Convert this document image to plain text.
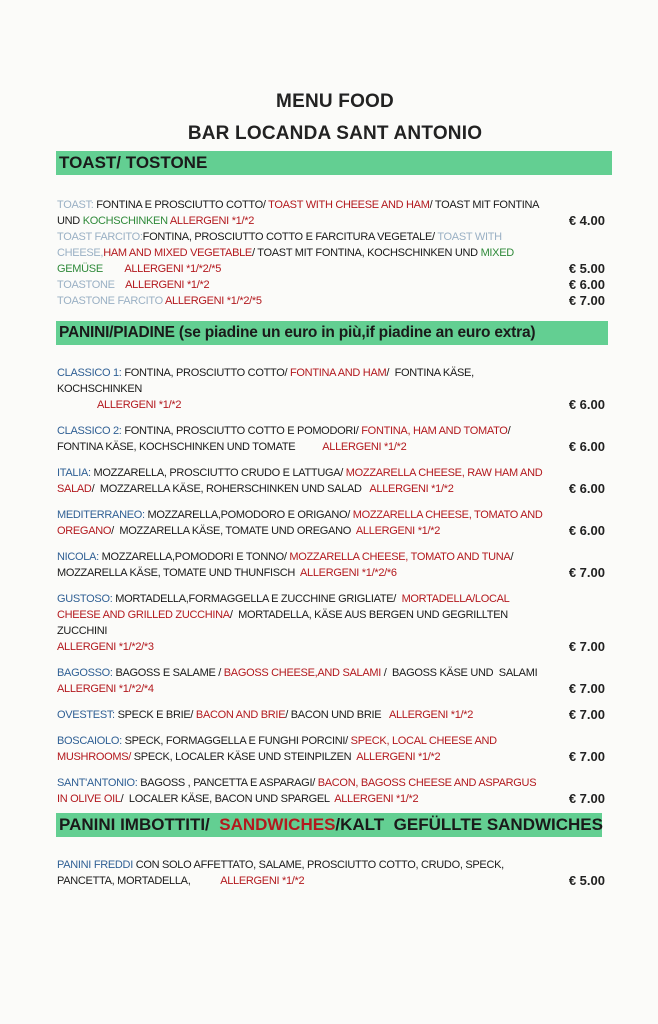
MENU FOOD
BAR LOCANDA SANT ANTONIO
TOAST/ TOSTONE
TOAST: FONTINA E PROSCIUTTO COTTO/ TOAST WITH CHEESE AND HAM/ TOAST MIT FONTINA UND KOCHSCHINKEN ALLERGENI *1/*2	€ 4.00
TOAST FARCITO:FONTINA, PROSCIUTTO COTTO E FARCITURA VEGETALE/ TOAST WITH CHEESE,HAM AND MIXED VEGETABLE/ TOAST MIT FONTINA, KOCHSCHINKEN UND MIXED GEMÜSE        ALLERGENI *1/*2/*5	€ 5.00
TOASTONE    ALLERGENI *1/*2	€ 6.00
TOASTONE FARCITO ALLERGENI *1/*2/*5	€ 7.00
PANINI/PIADINE (se piadine un euro in più,if piadine an euro extra)
CLASSICO 1: FONTINA, PROSCIUTTO COTTO/ FONTINA AND HAM/  FONTINA KÄSE, KOCHSCHINKEN
ALLERGENI *1/*2	€ 6.00
CLASSICO 2: FONTINA, PROSCIUTTO COTTO E POMODORI/ FONTINA, HAM AND TOMATO/  FONTINA KÄSE, KOCHSCHINKEN UND TOMATE          ALLERGENI *1/*2	€ 6.00
ITALIA: MOZZARELLA, PROSCIUTTO CRUDO E LATTUGA/ MOZZARELLA CHEESE, RAW HAM AND SALAD/  MOZZARELLA KÄSE, ROHERSCHINKEN UND SALAD   ALLERGENI *1/*2	€ 6.00
MEDITERRANEO: MOZZARELLA,POMODORO E ORIGANO/ MOZZARELLA CHEESE, TOMATO AND OREGANO/  MOZZARELLA KÄSE, TOMATE UND OREGANO  ALLERGENI *1/*2	€ 6.00
NICOLA: MOZZARELLA,POMODORI E TONNO/ MOZZARELLA CHEESE, TOMATO AND TUNA/ MOZZARELLA KÄSE, TOMATE UND THUNFISCH  ALLERGENI *1/*2/*6	€ 7.00
GUSTOSO: MORTADELLA,FORMAGGELLA E ZUCCHINE GRIGLIATE/  MORTADELLA/LOCAL CHEESE AND GRILLED ZUCCHINA/  MORTADELLA, KÄSE AUS BERGEN UND GEGRILLTEN ZUCCHINI
ALLERGENI *1/*2/*3	€ 7.00
BAGOSSO: BAGOSS E SALAME / BAGOSS CHEESE,AND SALAMI /  BAGOSS KÄSE UND  SALAMI
ALLERGENI *1/*2/*4	€ 7.00
OVESTEST: SPECK E BRIE/ BACON AND BRIE/ BACON UND BRIE   ALLERGENI *1/*2	€ 7.00
BOSCAIOLO: SPECK, FORMAGGELLA E FUNGHI PORCINI/ SPECK, LOCAL CHEESE AND MUSHROOMS/ SPECK, LOCALER KÄSE UND STEINPILZEN  ALLERGENI *1/*2	€ 7.00
SANT'ANTONIO: BAGOSS , PANCETTA E ASPARAGI/ BACON, BAGOSS CHEESE AND ASPARGUS IN OLIVE OIL/  LOCALER KÄSE, BACON UND SPARGEL  ALLERGENI *1/*2	€ 7.00
PANINI IMBOTTITI/  SANDWICHES/KALT  GEFÜLLTE SANDWICHES
PANINI FREDDI CON SOLO AFFETTATO, SALAME, PROSCIUTTO COTTO, CRUDO, SPECK, PANCETTA, MORTADELLA,           ALLERGENI *1/*2	€ 5.00
